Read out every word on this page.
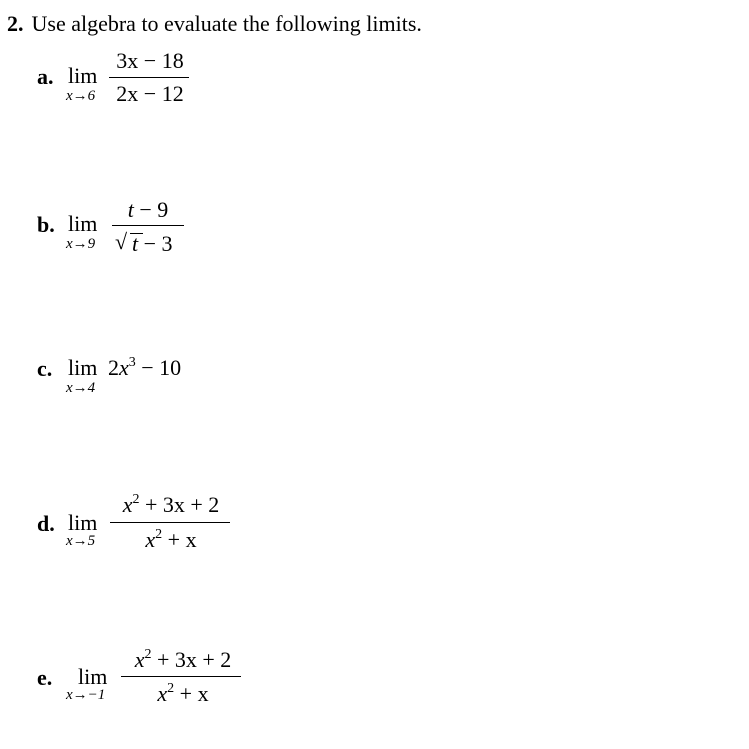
2. Use algebra to evaluate the following limits.
a. lim
x→6
3x − 18
2x − 12
b. lim
x→9
t − 9
√ t − 3
c. lim
x→4
$2x^3 - 10$
d. lim
x→5
$x^2 + 3x + 2$
$x^2 + x$
e. lim
x→−1
$x^2 + 3x + 2$
$x^2 + x$
